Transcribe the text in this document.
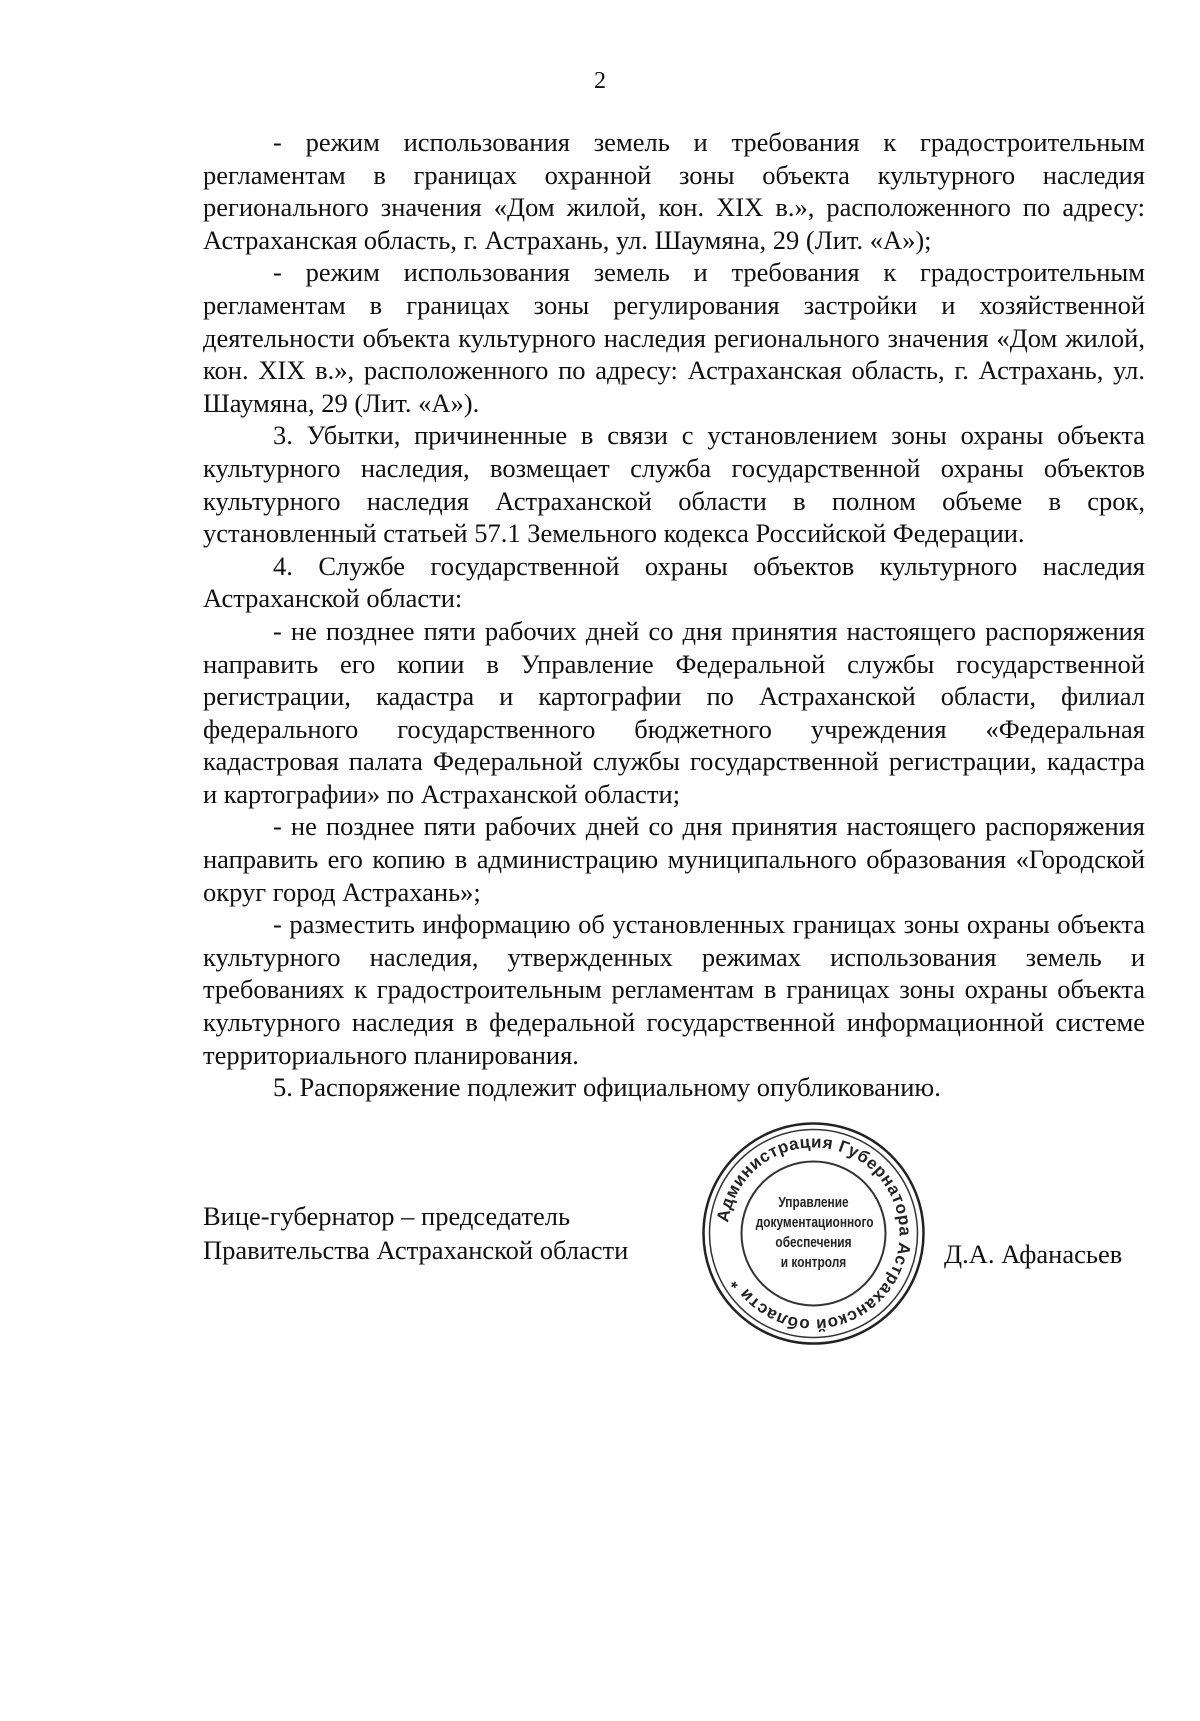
2

- режим использования земель и требования к градостроительным регламентам в границах охранной зоны объекта культурного наследия регионального значения «Дом жилой, кон. XIX в.», расположенного по адресу: Астраханская область, г. Астрахань, ул. Шаумяна, 29 (Лит. «А»);

- режим использования земель и требования к градостроительным регламентам в границах зоны регулирования застройки и хозяйственной деятельности объекта культурного наследия регионального значения «Дом жилой, кон. XIX в.», расположенного по адресу: Астраханская область, г. Астрахань, ул. Шаумяна, 29 (Лит. «А»).

3. Убытки, причиненные в связи с установлением зоны охраны объекта культурного наследия, возмещает служба государственной охраны объектов культурного наследия Астраханской области в полном объеме в срок, установленный статьей 57.1 Земельного кодекса Российской Федерации.

4. Службе государственной охраны объектов культурного наследия Астраханской области:

- не позднее пяти рабочих дней со дня принятия настоящего распоряжения направить его копии в Управление Федеральной службы государственной регистрации, кадастра и картографии по Астраханской области, филиал федерального государственного бюджетного учреждения «Федеральная кадастровая палата Федеральной службы государственной регистрации, кадастра и картографии» по Астраханской области;

- не позднее пяти рабочих дней со дня принятия настоящего распоряжения направить его копию в администрацию муниципального образования «Городской округ город Астрахань»;

- разместить информацию об установленных границах зоны охраны объекта культурного наследия, утвержденных режимах использования земель и требованиях к градостроительным регламентам в границах зоны охраны объекта культурного наследия в федеральной государственной информационной системе территориального планирования.

5. Распоряжение подлежит официальному опубликованию.

Вице-губернатор – председатель
Правительства Астраханской области	Д.А. Афанасьев
Администрация Губернатора Астраханской области *
Управление
документационного
обеспечения
и контроля
